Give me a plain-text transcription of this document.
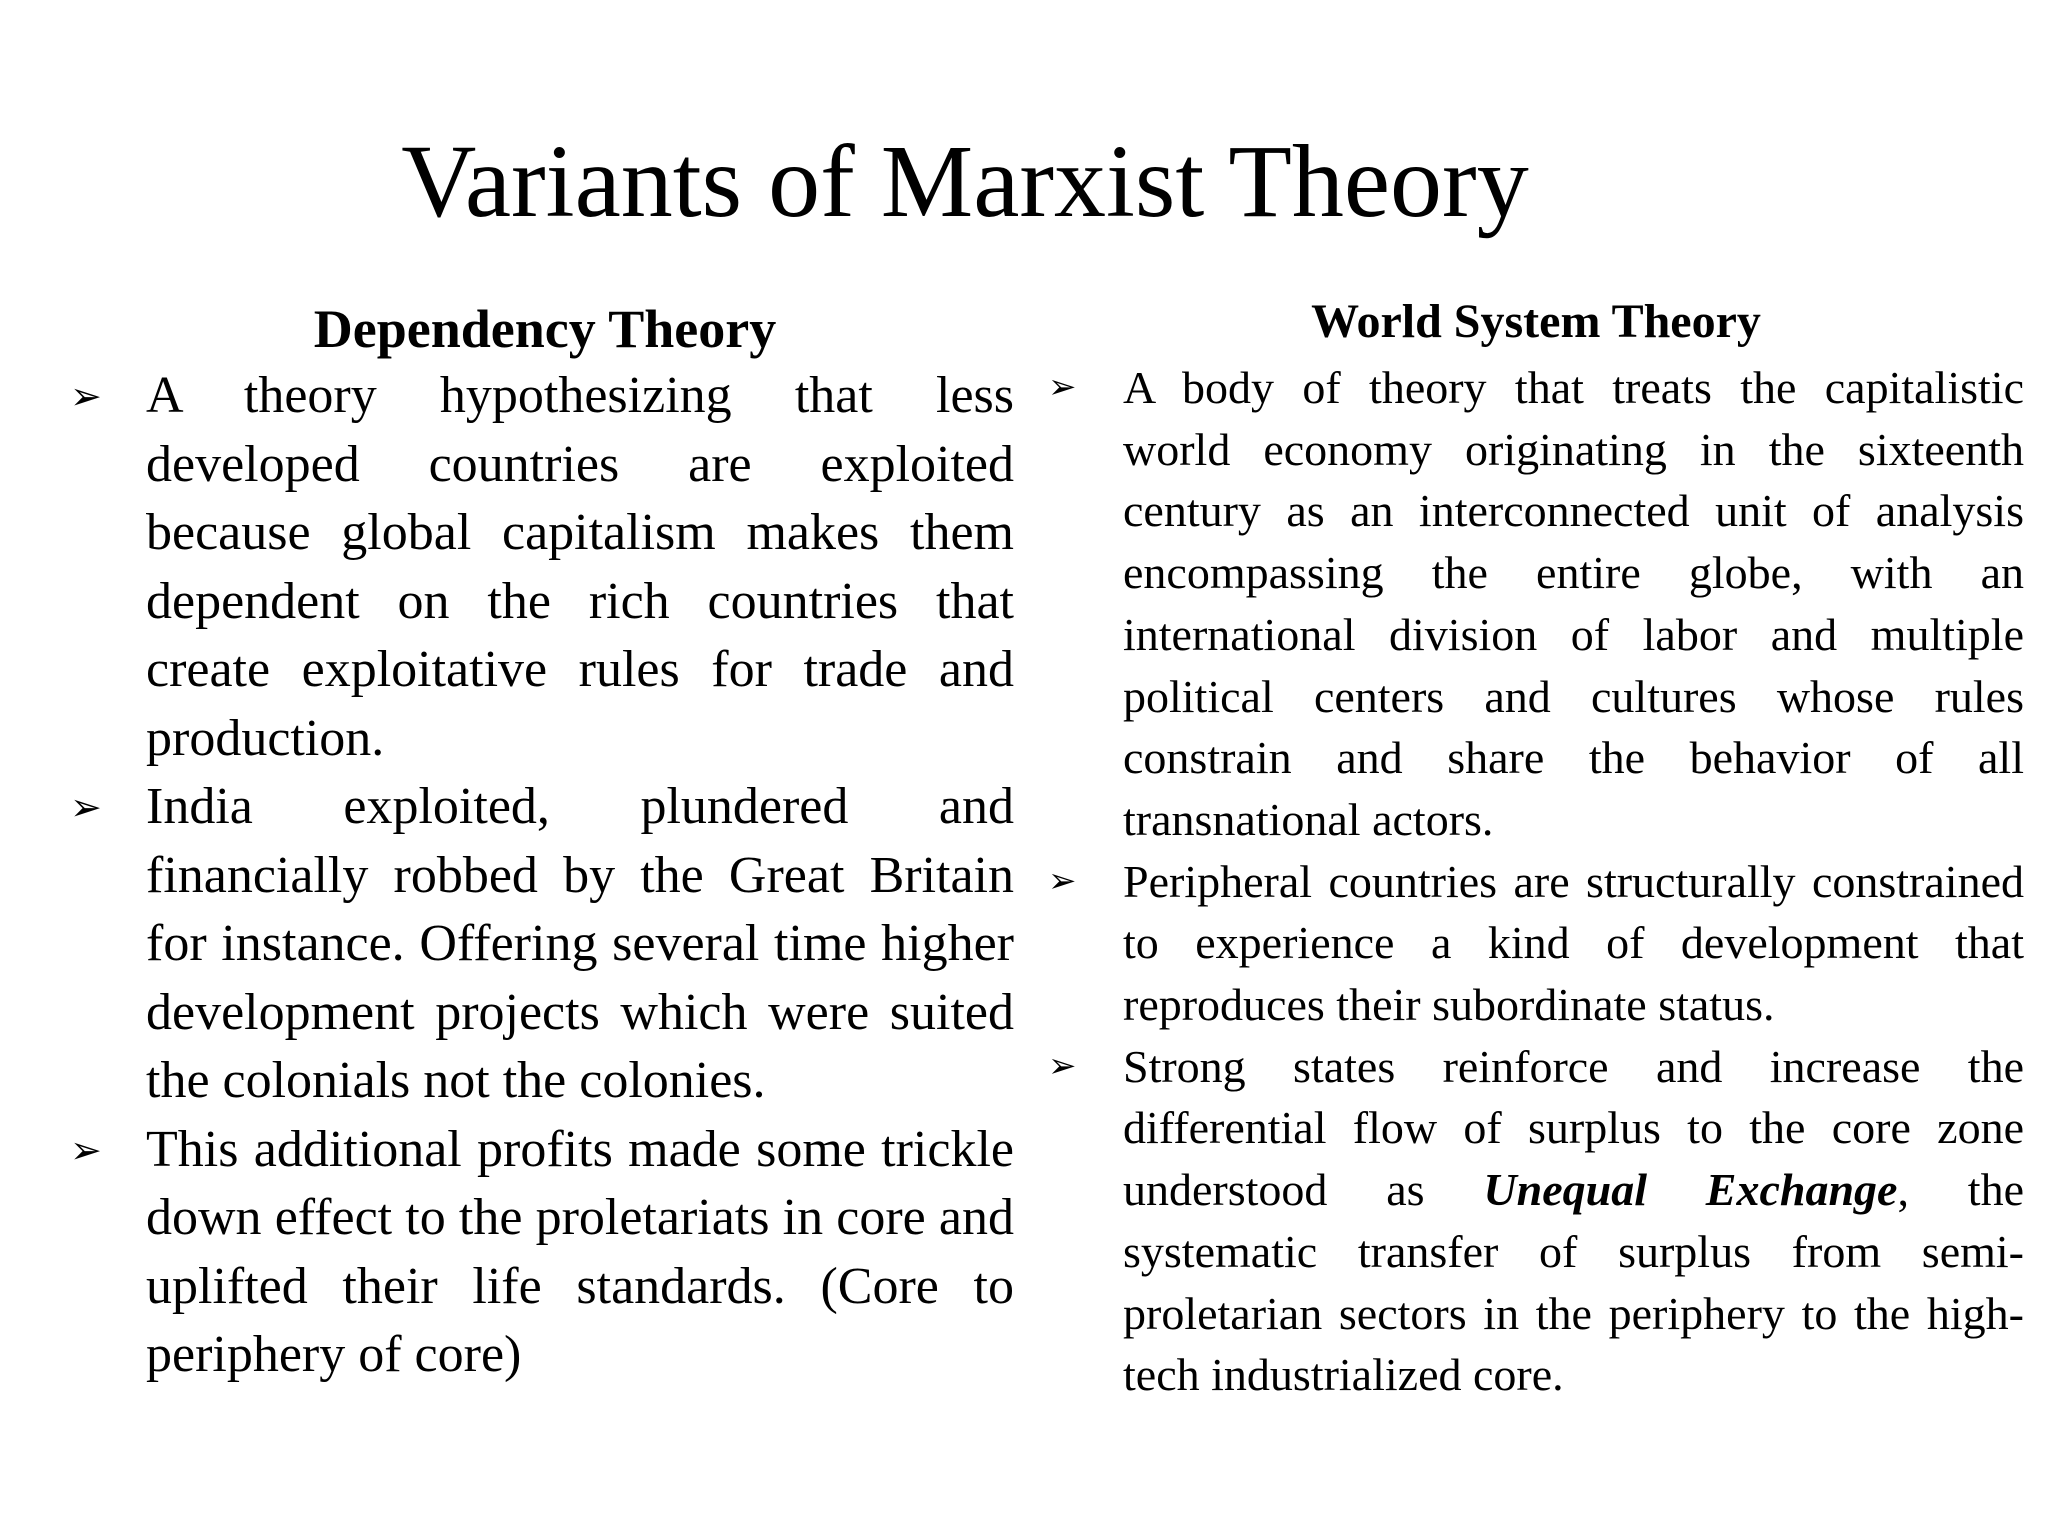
Variants of Marxist Theory
Dependency Theory
➢ A theory hypothesizing that less developed countries are exploited because global capitalism makes them dependent on the rich countries that create exploitative rules for trade and production.
➢ India exploited, plundered and financially robbed by the Great Britain for instance. Offering several time higher development projects which were suited the colonials not the colonies.
➢ This additional profits made some trickle down effect to the proletariats in core and uplifted their life standards. (Core to periphery of core)
World System Theory
➢ A body of theory that treats the capitalistic world economy originating in the sixteenth century as an interconnected unit of analysis encompassing the entire globe, with an international division of labor and multiple political centers and cultures whose rules constrain and share the behavior of all transnational actors.
➢ Peripheral countries are structurally constrained to experience a kind of development that reproduces their subordinate status.
➢ Strong states reinforce and increase the differential flow of surplus to the core zone understood as Unequal Exchange, the systematic transfer of surplus from semi-proletarian sectors in the periphery to the high-tech industrialized core.
